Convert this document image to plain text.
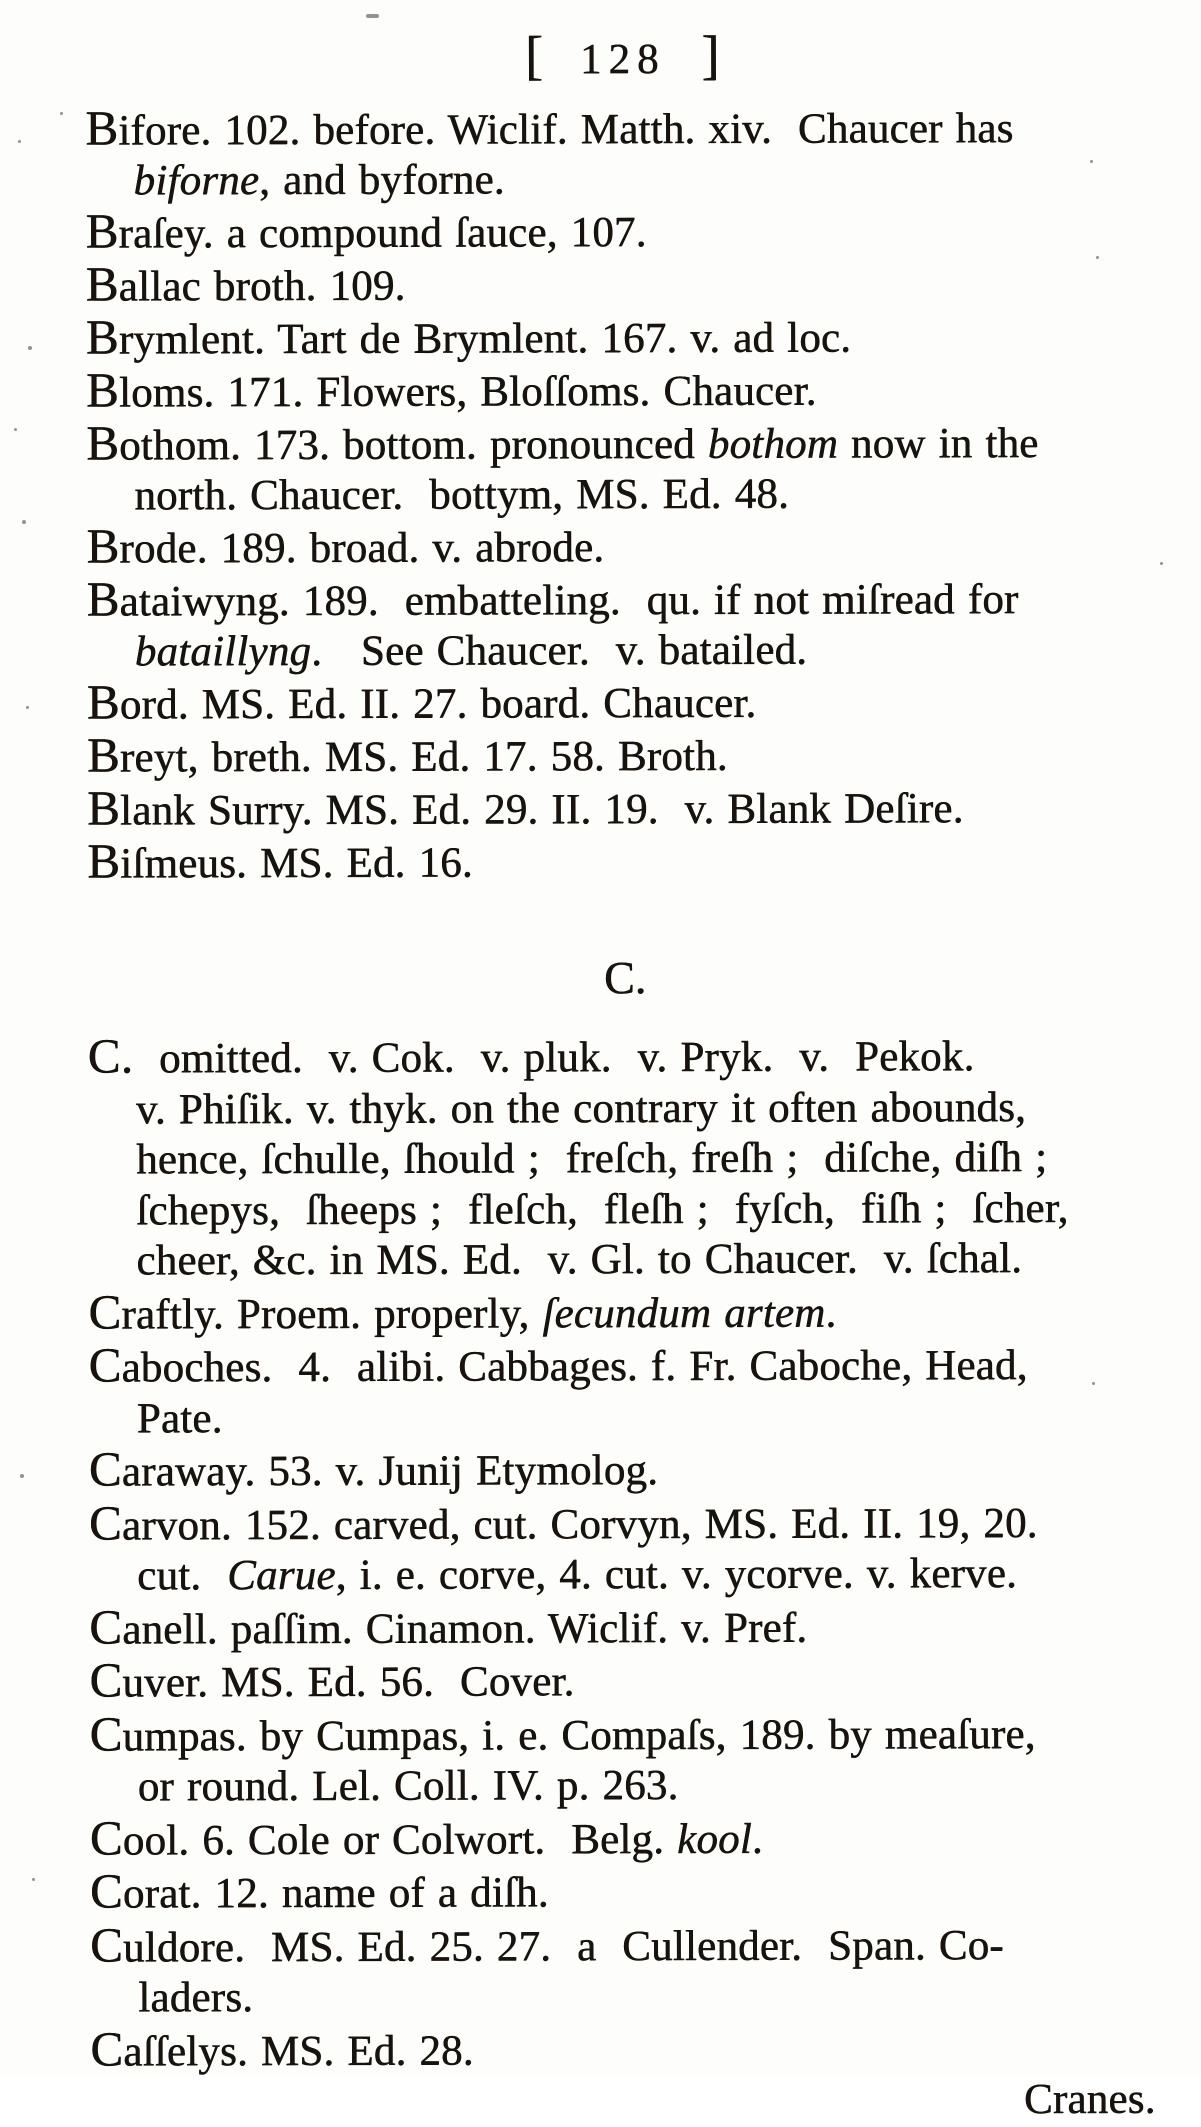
[ 128 ]
Bifore. 102. before. Wiclif. Matth. xiv.  Chaucer has
biforne, and byforne.
Braſey. a compound ſauce, 107.
Ballac broth. 109.
Brymlent. Tart de Brymlent. 167. v. ad loc.
Bloms. 171. Flowers, Bloſſoms. Chaucer.
Bothom. 173. bottom. pronounced bothom now in the
north. Chaucer.  bottym, MS. Ed. 48.
Brode. 189. broad. v. abrode.
Bataiwyng. 189.  embatteling.  qu. if not miſread for
bataillyng.   See Chaucer.  v. batailed.
Bord. MS. Ed. II. 27. board. Chaucer.
Breyt, breth. MS. Ed. 17. 58. Broth.
Blank Surry. MS. Ed. 29. II. 19.  v. Blank Deſire.
Biſmeus. MS. Ed. 16.
C.
C.  omitted.  v. Cok.  v. pluk.  v. Pryk.  v.  Pekok.
v. Phiſik. v. thyk. on the contrary it often abounds,
hence, ſchulle, ſhould ;  freſch, freſh ;  diſche, diſh ;
ſchepys,  ſheeps ;  fleſch,  fleſh ;  fyſch,  fiſh ;  ſcher,
cheer, &c. in MS. Ed.  v. Gl. to Chaucer.  v. ſchal.
Craftly. Proem. properly, ſecundum artem.
Caboches.  4.  alibi. Cabbages. f. Fr. Caboche, Head,
Pate.
Caraway. 53. v. Junij Etymolog.
Carvon. 152. carved, cut. Corvyn, MS. Ed. II. 19, 20.
cut.  Carue, i. e. corve, 4. cut. v. ycorve. v. kerve.
Canell. paſſim. Cinamon. Wiclif. v. Pref.
Cuver. MS. Ed. 56.  Cover.
Cumpas. by Cumpas, i. e. Compaſs, 189. by meaſure,
or round. Lel. Coll. IV. p. 263.
Cool. 6. Cole or Colwort.  Belg. kool.
Corat. 12. name of a diſh.
Culdore.  MS. Ed. 25. 27.  a  Cullender.  Span. Co-
laders.
Caſſelys. MS. Ed. 28.
Cranes.
